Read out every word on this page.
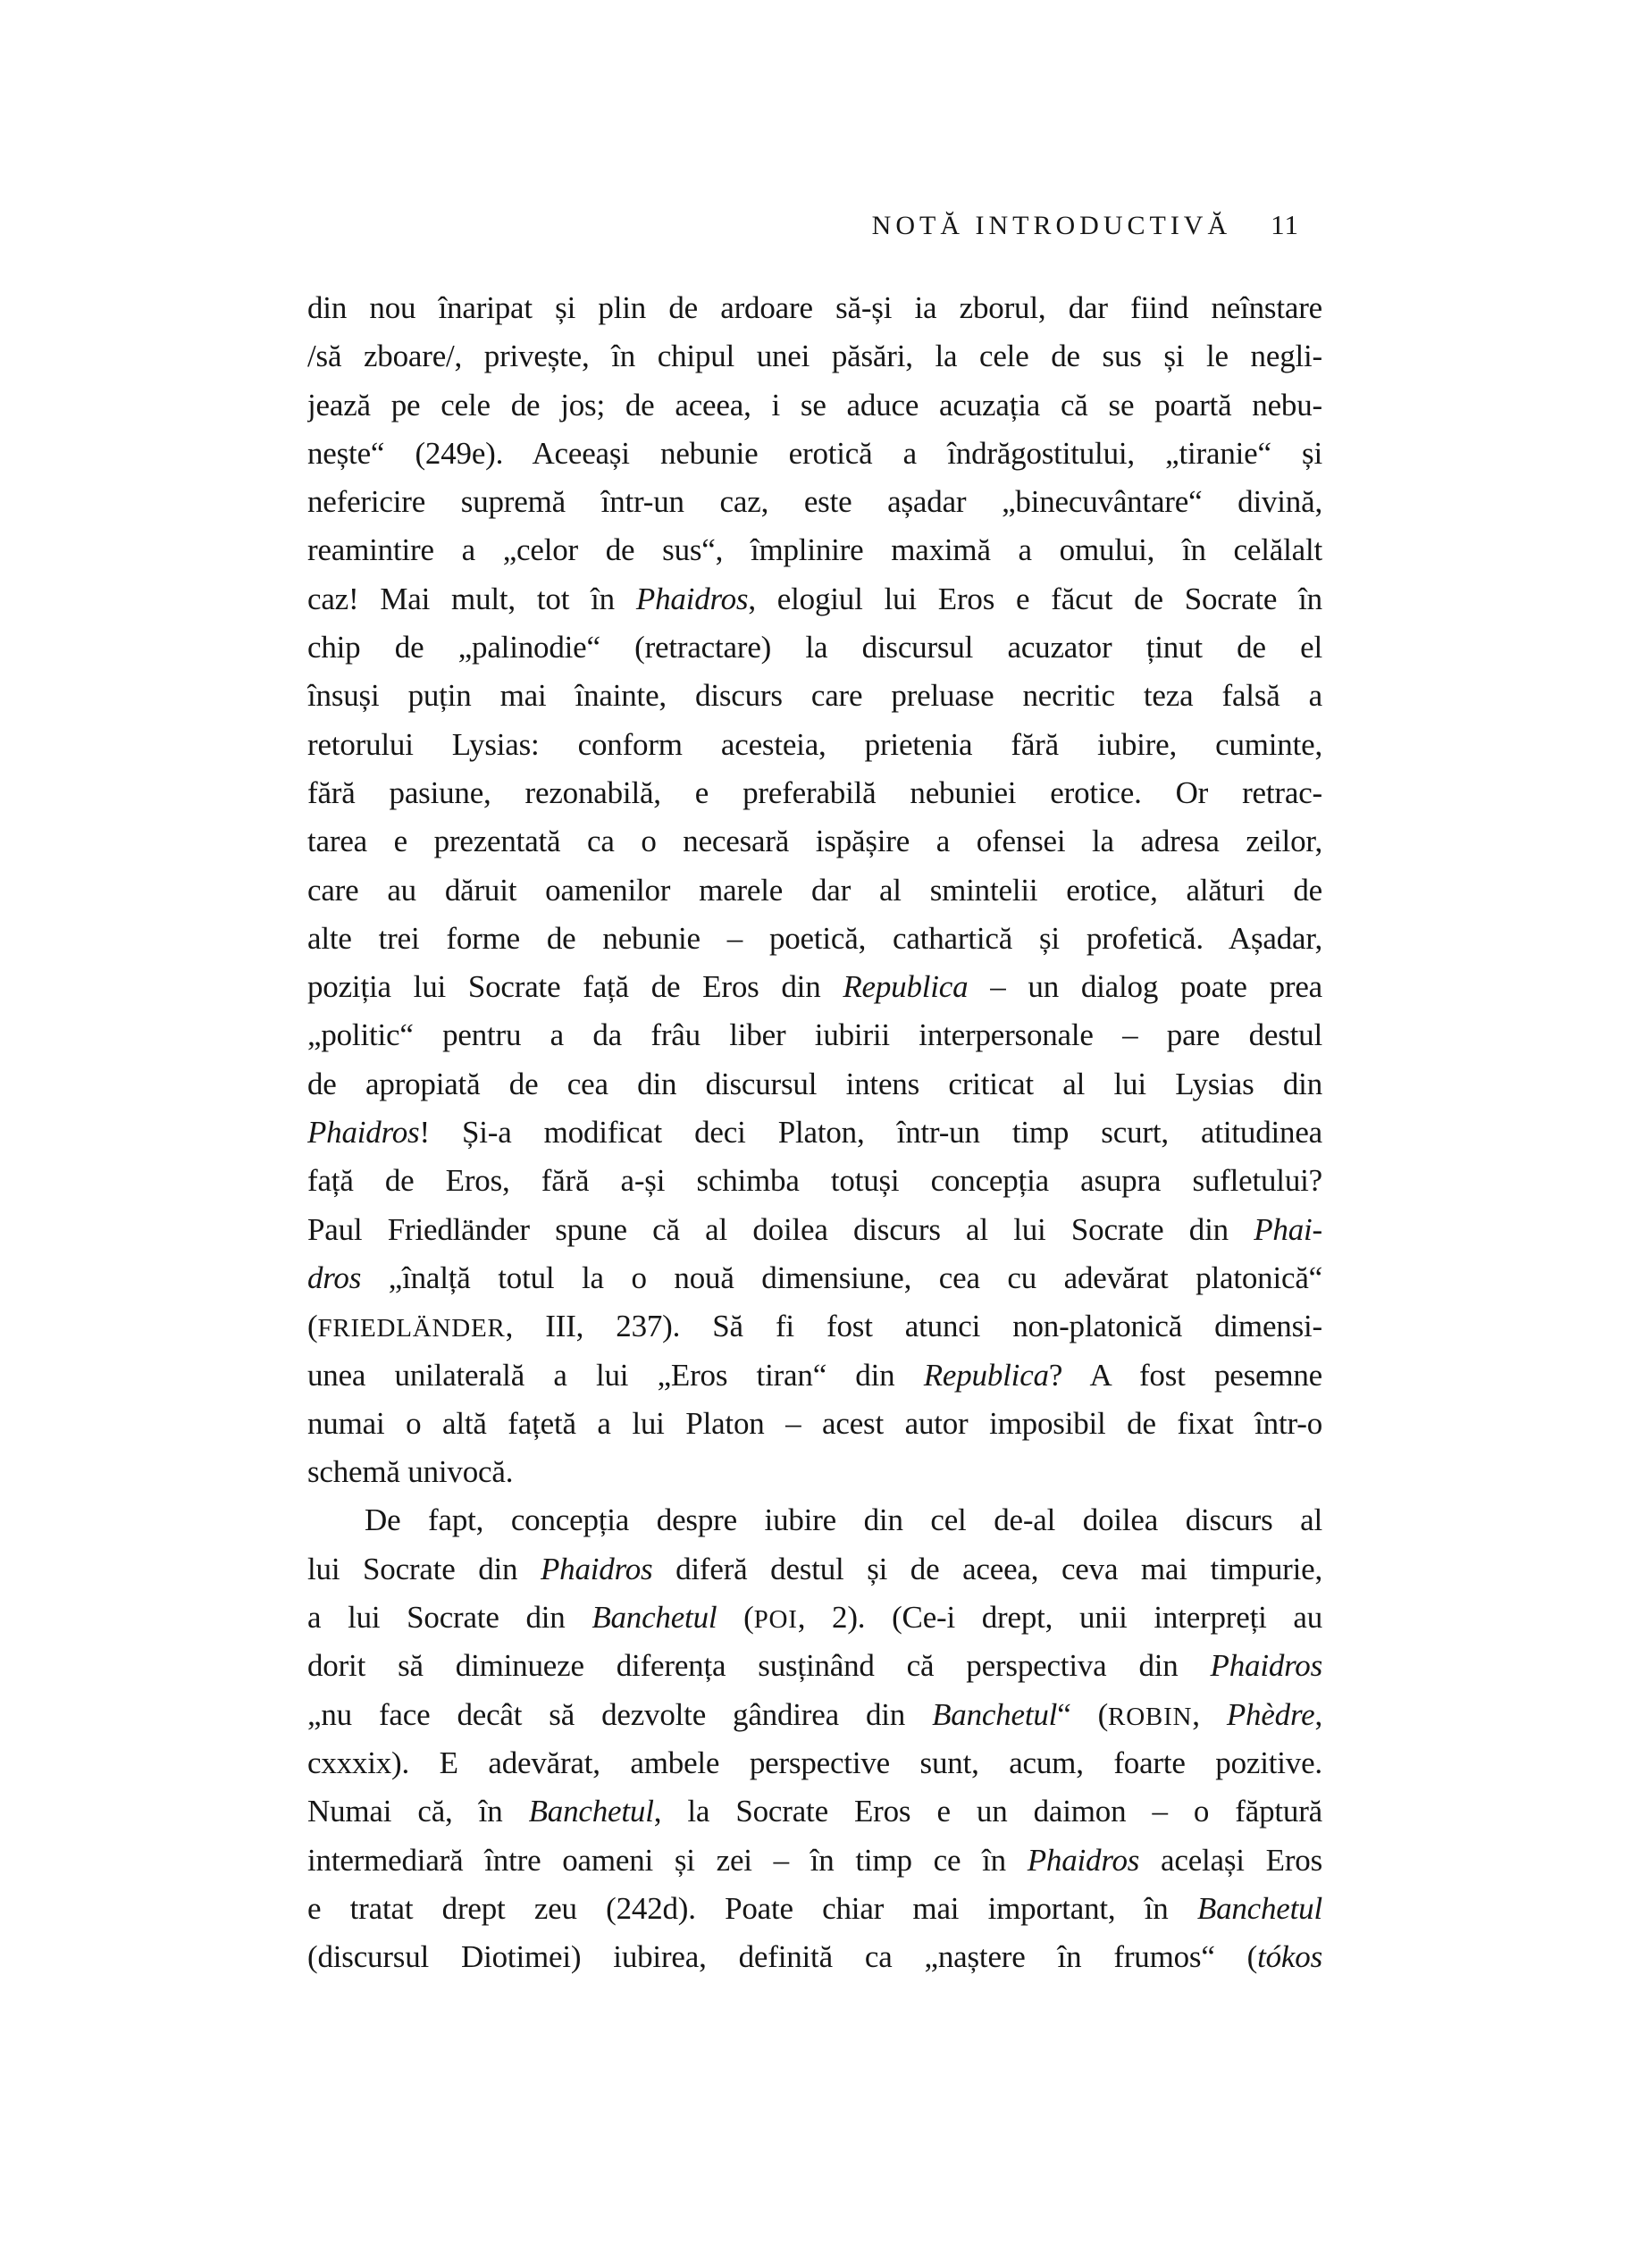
NOTĂ INTRODUCTIVĂ 11
din nou înaripat și plin de ardoare să-și ia zborul, dar fiind neînstare
/să zboare/, privește, în chipul unei păsări, la cele de sus și le negli-
jează pe cele de jos; de aceea, i se aduce acuzația că se poartă nebu-
nește“ (249e). Aceeași nebunie erotică a îndrăgostitului, „tiranie“ și
nefericire supremă într-un caz, este așadar „binecuvântare“ divină,
reamintire a „celor de sus“, împlinire maximă a omului, în celălalt
caz! Mai mult, tot în Phaidros, elogiul lui Eros e făcut de Socrate în
chip de „palinodie“ (retractare) la discursul acuzator ținut de el
însuși puțin mai înainte, discurs care preluase necritic teza falsă a
retorului Lysias: conform acesteia, prietenia fără iubire, cuminte,
fără pasiune, rezonabilă, e preferabilă nebuniei erotice. Or retrac-
tarea e prezentată ca o necesară ispășire a ofensei la adresa zeilor,
care au dăruit oamenilor marele dar al smintelii erotice, alături de
alte trei forme de nebunie – poetică, cathartică și profetică. Așadar,
poziția lui Socrate față de Eros din Republica – un dialog poate prea
„politic“ pentru a da frâu liber iubirii interpersonale – pare destul
de apropiată de cea din discursul intens criticat al lui Lysias din
Phaidros! Și-a modificat deci Platon, într-un timp scurt, atitudinea
față de Eros, fără a-și schimba totuși concepția asupra sufletului?
Paul Friedländer spune că al doilea discurs al lui Socrate din Phai-
dros „înalță totul la o nouă dimensiune, cea cu adevărat platonică“
(FRIEDLÄNDER, III, 237). Să fi fost atunci non-platonică dimensi-
unea unilaterală a lui „Eros tiran“ din Republica? A fost pesemne
numai o altă fațetă a lui Platon – acest autor imposibil de fixat într-o
schemă univocă.
De fapt, concepția despre iubire din cel de-al doilea discurs al
lui Socrate din Phaidros diferă destul și de aceea, ceva mai timpurie,
a lui Socrate din Banchetul (POI, 2). (Ce-i drept, unii interpreți au
dorit să diminueze diferența susținând că perspectiva din Phaidros
„nu face decât să dezvolte gândirea din Banchetul“ (ROBIN, Phèdre,
cxxxix). E adevărat, ambele perspective sunt, acum, foarte pozitive.
Numai că, în Banchetul, la Socrate Eros e un daimon – o făptură
intermediară între oameni și zei – în timp ce în Phaidros același Eros
e tratat drept zeu (242d). Poate chiar mai important, în Banchetul
(discursul Diotimei) iubirea, definită ca „naștere în frumos“ (tókos
